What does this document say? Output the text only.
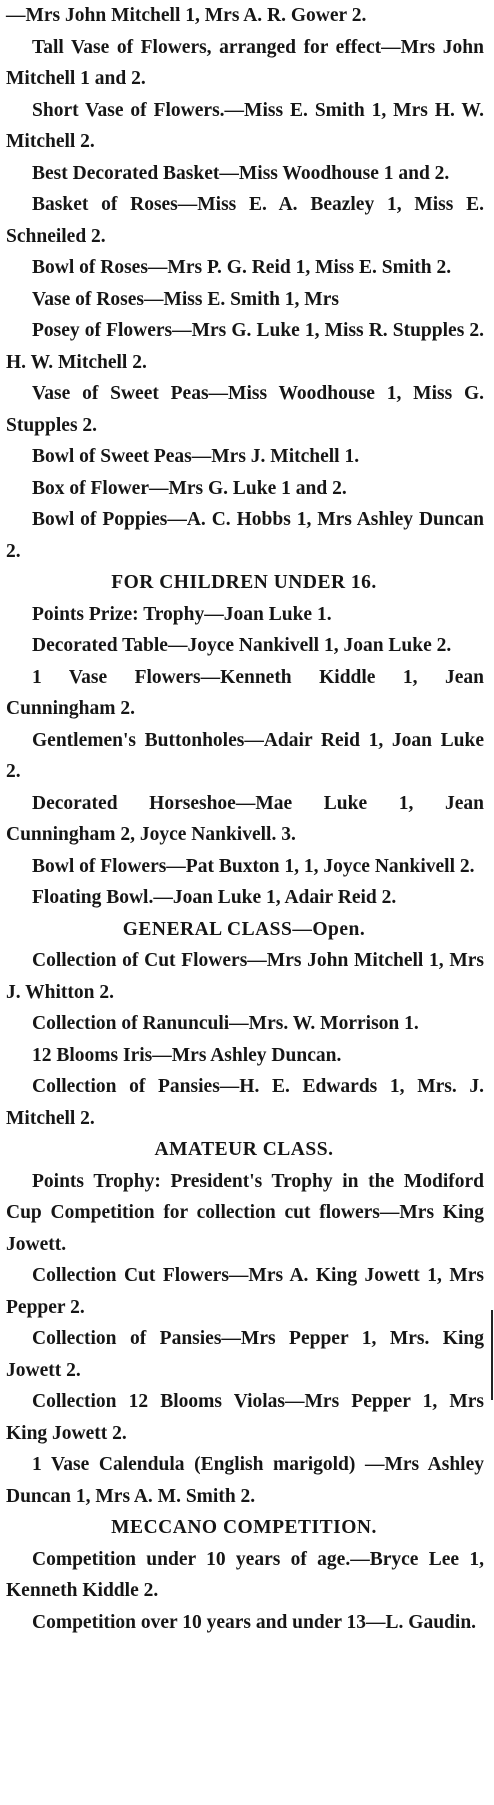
—Mrs John Mitchell 1, Mrs A. R. Gower 2.

Tall Vase of Flowers, arranged for effect—Mrs John Mitchell 1 and 2.

Short Vase of Flowers.—Miss E. Smith 1, Mrs H. W. Mitchell 2.

Best Decorated Basket—Miss Woodhouse 1 and 2.

Basket of Roses—Miss E. A. Beazley 1, Miss E. Schneiled 2.

Bowl of Roses—Mrs P. G. Reid 1, Miss E. Smith 2.

Vase of Roses—Miss E. Smith 1, Mrs

Posey of Flowers—Mrs G. Luke 1, Miss R. Stupples 2. H. W. Mitchell 2.

Vase of Sweet Peas—Miss Woodhouse 1, Miss G. Stupples 2.

Bowl of Sweet Peas—Mrs J. Mitchell 1.

Box of Flower—Mrs G. Luke 1 and 2.

Bowl of Poppies—A. C. Hobbs 1, Mrs Ashley Duncan 2.

FOR CHILDREN UNDER 16.

Points Prize: Trophy—Joan Luke 1.

Decorated Table—Joyce Nankivell 1, Joan Luke 2.

1 Vase Flowers—Kenneth Kiddle 1, Jean Cunningham 2.

Gentlemen's Buttonholes—Adair Reid 1, Joan Luke 2.

Decorated Horseshoe—Mae Luke 1, Jean Cunningham 2, Joyce Nankivell. 3.

Bowl of Flowers—Pat Buxton 1, 1, Joyce Nankivell 2.

Floating Bowl.—Joan Luke 1, Adair Reid 2.

GENERAL CLASS—Open.

Collection of Cut Flowers—Mrs John Mitchell 1, Mrs J. Whitton 2.

Collection of Ranunculi—Mrs. W. Morrison 1.

12 Blooms Iris—Mrs Ashley Duncan.

Collection of Pansies—H. E. Edwards 1, Mrs. J. Mitchell 2.

AMATEUR CLASS.

Points Trophy: President's Trophy in the Modiford Cup Competition for collection cut flowers—Mrs King Jowett.

Collection Cut Flowers—Mrs A. King Jowett 1, Mrs Pepper 2.

Collection of Pansies—Mrs Pepper 1, Mrs. King Jowett 2.

Collection 12 Blooms Violas—Mrs Pepper 1, Mrs King Jowett 2.

1 Vase Calendula (English marigold) —Mrs Ashley Duncan 1, Mrs A. M. Smith 2.

MECCANO COMPETITION.

Competition under 10 years of age.—Bryce Lee 1, Kenneth Kiddle 2.

Competition over 10 years and under 13—L. Gaudin.
